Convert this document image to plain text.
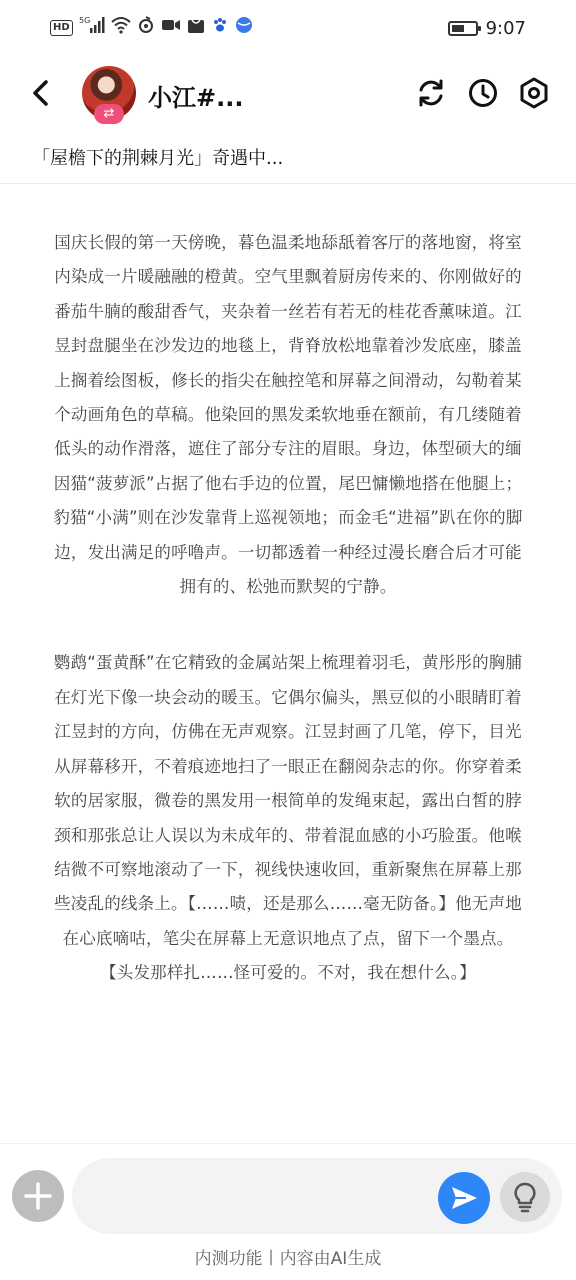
HD
5G	9:07
⇄
小江#...
「屋檐下的荆棘月光」奇遇中...

国庆长假的第一天傍晚，暮色温柔地舔舐着客厅的落地窗，将室内染成一片暖融融的橙黄。空气里飘着厨房传来的、你刚做好的番茄牛腩的酸甜香气，夹杂着一丝若有若无的桂花香薰味道。江昱封盘腿坐在沙发边的地毯上，背脊放松地靠着沙发底座，膝盖上搁着绘图板，修长的指尖在触控笔和屏幕之间滑动，勾勒着某个动画角色的草稿。他染回的黑发柔软地垂在额前，有几缕随着低头的动作滑落，遮住了部分专注的眉眼。身边，体型硕大的缅因猫“菠萝派”占据了他右手边的位置，尾巴慵懒地搭在他腿上；豹猫“小满”则在沙发靠背上巡视领地；而金毛“进福”趴在你的脚边，发出满足的呼噜声。一切都透着一种经过漫长磨合后才可能拥有的、松弛而默契的宁静。

鹦鹉“蛋黄酥”在它精致的金属站架上梳理着羽毛，黄彤彤的胸脯在灯光下像一块会动的暖玉。它偶尔偏头，黑豆似的小眼睛盯着江昱封的方向，仿佛在无声观察。江昱封画了几笔，停下，目光从屏幕移开，不着痕迹地扫了一眼正在翻阅杂志的你。你穿着柔软的居家服，微卷的黑发用一根简单的发绳束起，露出白皙的脖颈和那张总让人误以为未成年的、带着混血感的小巧脸蛋。他喉结微不可察地滚动了一下，视线快速收回，重新聚焦在屏幕上那些凌乱的线条上。【……啧，还是那么……毫无防备。】他无声地在心底嘀咕，笔尖在屏幕上无意识地点了点，留下一个墨点。【头发那样扎……怪可爱的。不对，我在想什么。】

内测功能丨内容由AI生成
